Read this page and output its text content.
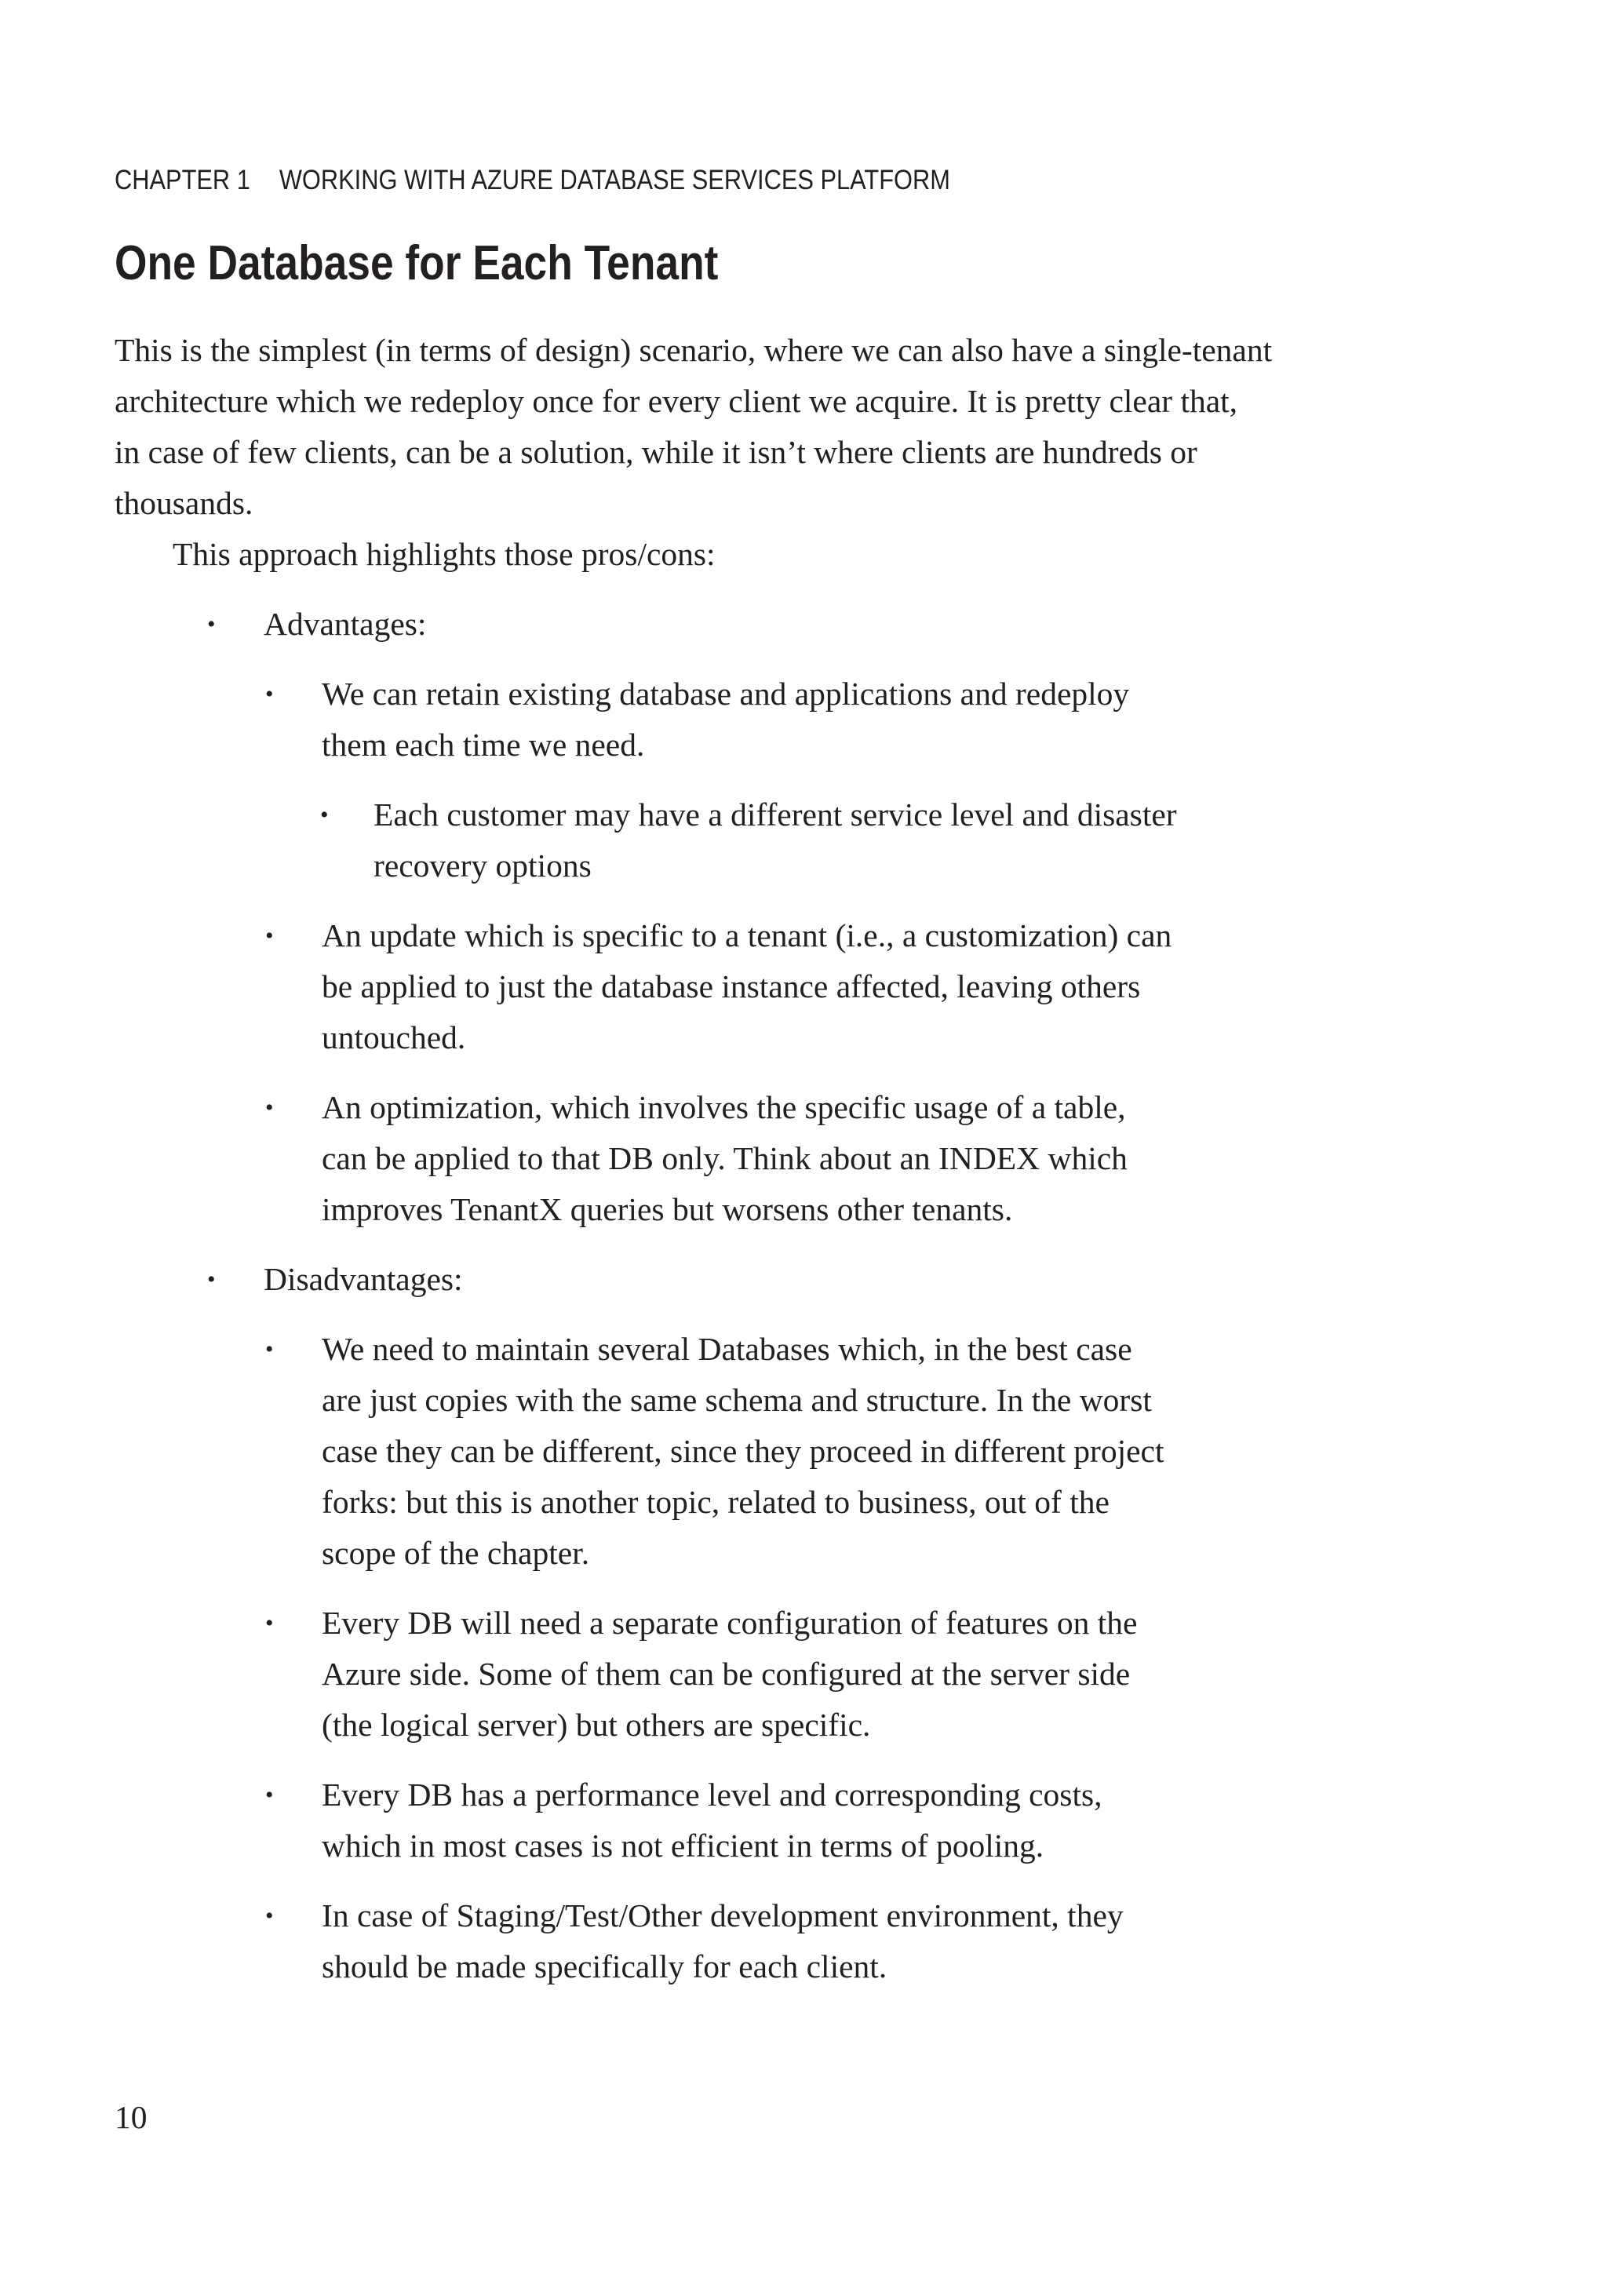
CHAPTER 1 WORKING WITH AZURE DATABASE SERVICES PLATFORM
One Database for Each Tenant

This is the simplest (in terms of design) scenario, where we can also have a single-tenant
architecture which we redeploy once for every client we acquire. It is pretty clear that,
in case of few clients, can be a solution, while it isn’t where clients are hundreds or
thousands.

This approach highlights those pros/cons:

• Advantages:
• We can retain existing database and applications and redeploy
them each time we need.
• Each customer may have a different service level and disaster
recovery options
• An update which is specific to a tenant (i.e., a customization) can
be applied to just the database instance affected, leaving others
untouched.
• An optimization, which involves the specific usage of a table,
can be applied to that DB only. Think about an INDEX which
improves TenantX queries but worsens other tenants.
• Disadvantages:
• We need to maintain several Databases which, in the best case
are just copies with the same schema and structure. In the worst
case they can be different, since they proceed in different project
forks: but this is another topic, related to business, out of the
scope of the chapter.
• Every DB will need a separate configuration of features on the
Azure side. Some of them can be configured at the server side
(the logical server) but others are specific.
• Every DB has a performance level and corresponding costs,
which in most cases is not efficient in terms of pooling.
• In case of Staging/Test/Other development environment, they
should be made specifically for each client.
10
